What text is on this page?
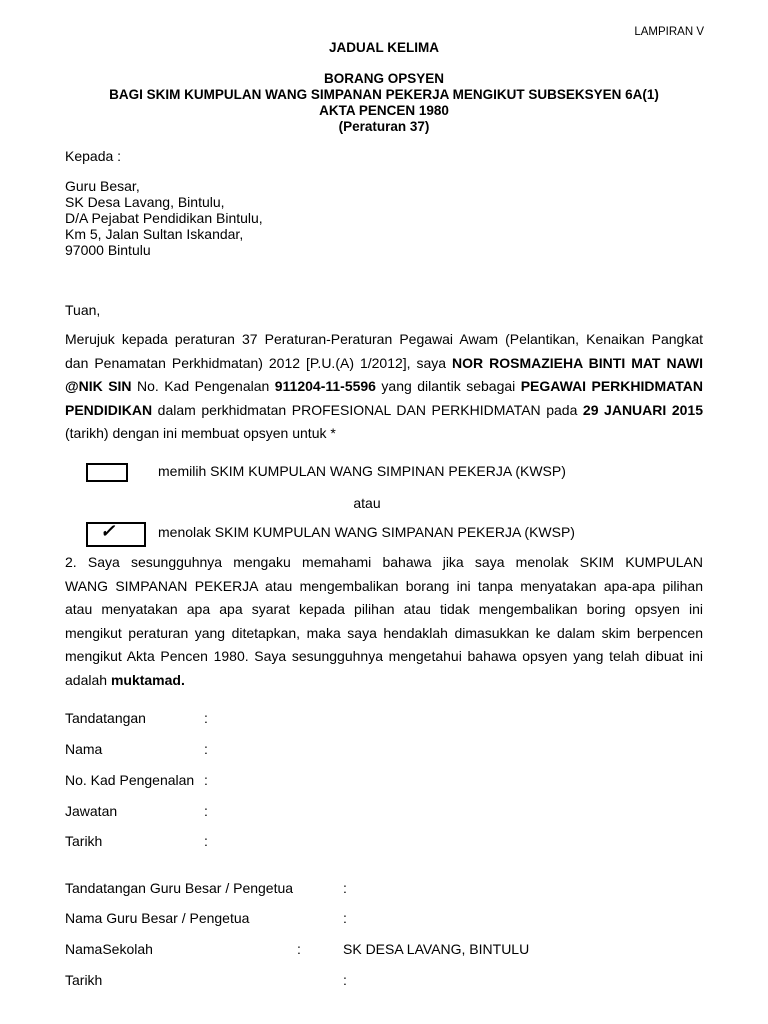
LAMPIRAN V
JADUAL KELIMA
BORANG OPSYEN
BAGI SKIM KUMPULAN WANG SIMPANAN PEKERJA MENGIKUT SUBSEKSYEN 6A(1)
AKTA PENCEN 1980
(Peraturan 37)
Kepada :
Guru Besar,
SK Desa Lavang, Bintulu,
D/A Pejabat Pendidikan Bintulu,
Km 5, Jalan Sultan Iskandar,
97000 Bintulu
Tuan,
Merujuk kepada peraturan 37 Peraturan-Peraturan Pegawai Awam (Pelantikan, Kenaikan Pangkat
dan Penamatan Perkhidmatan) 2012 [P.U.(A) 1/2012], saya NOR ROSMAZIEHA BINTI MAT NAWI
@NIK SIN No. Kad Pengenalan 911204-11-5596 yang dilantik sebagai PEGAWAI PERKHIDMATAN
PENDIDIKAN dalam perkhidmatan PROFESIONAL DAN PERKHIDMATAN pada 29 JANUARI 2015
(tarikh) dengan ini membuat opsyen untuk *
memilih SKIM KUMPULAN WANG SIMPINAN PEKERJA (KWSP)
atau
✓	menolak SKIM KUMPULAN WANG SIMPANAN PEKERJA (KWSP)
2. Saya sesungguhnya mengaku memahami bahawa jika saya menolak SKIM KUMPULAN
WANG SIMPANAN PEKERJA atau mengembalikan borang ini tanpa menyatakan apa-apa pilihan
atau menyatakan apa apa syarat kepada pilihan atau tidak mengembalikan boring opsyen ini
mengikut peraturan yang ditetapkan, maka saya hendaklah dimasukkan ke dalam skim berpencen
mengikut Akta Pencen 1980. Saya sesungguhnya mengetahui bahawa opsyen yang telah dibuat ini
adalah muktamad.
Tandatangan	:
Nama	:
No. Kad Pengenalan :
Jawatan	:
Tarikh	:
Tandatangan Guru Besar / Pengetua	:
Nama Guru Besar / Pengetua	:
NamaSekolah	:	SK DESA LAVANG, BINTULU
Tarikh	:
